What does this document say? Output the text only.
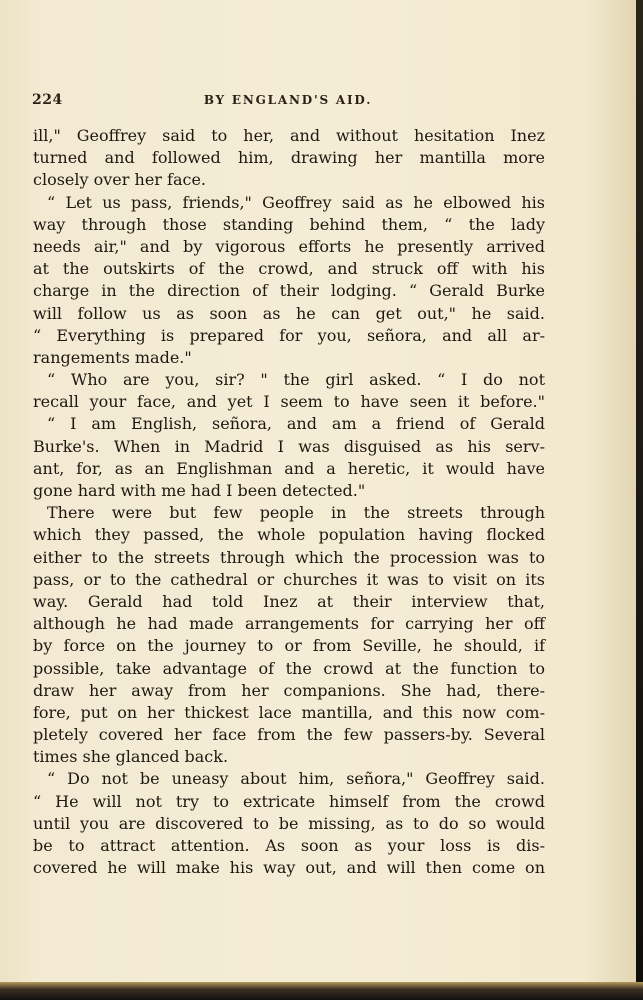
224	BY ENGLAND'S AID.
ill," Geoffrey said to her, and without hesitation Inez
turned and followed him, drawing her mantilla more
closely over her face.
“ Let us pass, friends," Geoffrey said as he elbowed his
way through those standing behind them, “ the lady
needs air," and by vigorous efforts he presently arrived
at the outskirts of the crowd, and struck off with his
charge in the direction of their lodging. “ Gerald Burke
will follow us as soon as he can get out," he said.
“ Everything is prepared for you, señora, and all ar-
rangements made."
“ Who are you, sir? " the girl asked. “ I do not
recall your face, and yet I seem to have seen it before."
“ I am English, señora, and am a friend of Gerald
Burke's. When in Madrid I was disguised as his serv-
ant, for, as an Englishman and a heretic, it would have
gone hard with me had I been detected."
There were but few people in the streets through
which they passed, the whole population having flocked
either to the streets through which the procession was to
pass, or to the cathedral or churches it was to visit on its
way. Gerald had told Inez at their interview that,
although he had made arrangements for carrying her off
by force on the journey to or from Seville, he should, if
possible, take advantage of the crowd at the function to
draw her away from her companions. She had, there-
fore, put on her thickest lace mantilla, and this now com-
pletely covered her face from the few passers-by. Several
times she glanced back.
“ Do not be uneasy about him, señora," Geoffrey said.
“ He will not try to extricate himself from the crowd
until you are discovered to be missing, as to do so would
be to attract attention. As soon as your loss is dis-
covered he will make his way out, and will then come on
